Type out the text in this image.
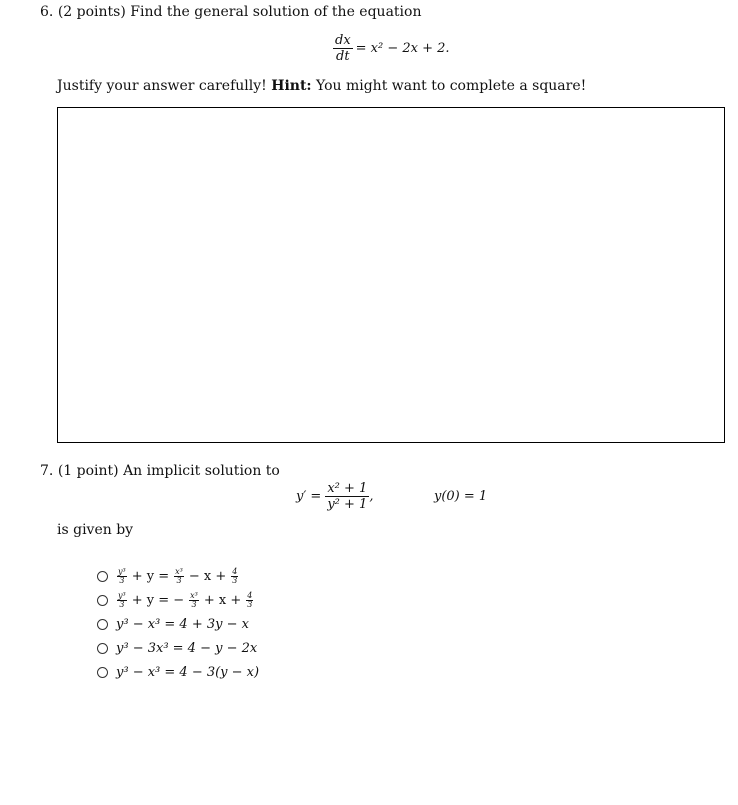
6. (2 points) Find the general solution of the equation
$\frac{dx}{dt} = x^2 - 2x + 2$.
Justify your answer carefully! Hint: You might want to complete a square!
7. (1 point) An implicit solution to
$y' = \frac{\text{x² + 1}}{\text{y² + 1}}$ ,	y(0) = 1
is given by
y³
$3 + y = \frac{\text{x³}}{3} - x + \frac{4}{3}$
y³
3 + y = − $\frac{\text{x³}}{3} + x + \frac{4}{3}$
y³ − x³ = 4 + 3y − x
y³ − 3x³ = 4 − y − 2x
y³ − x³ = 4 − 3(y − x)
